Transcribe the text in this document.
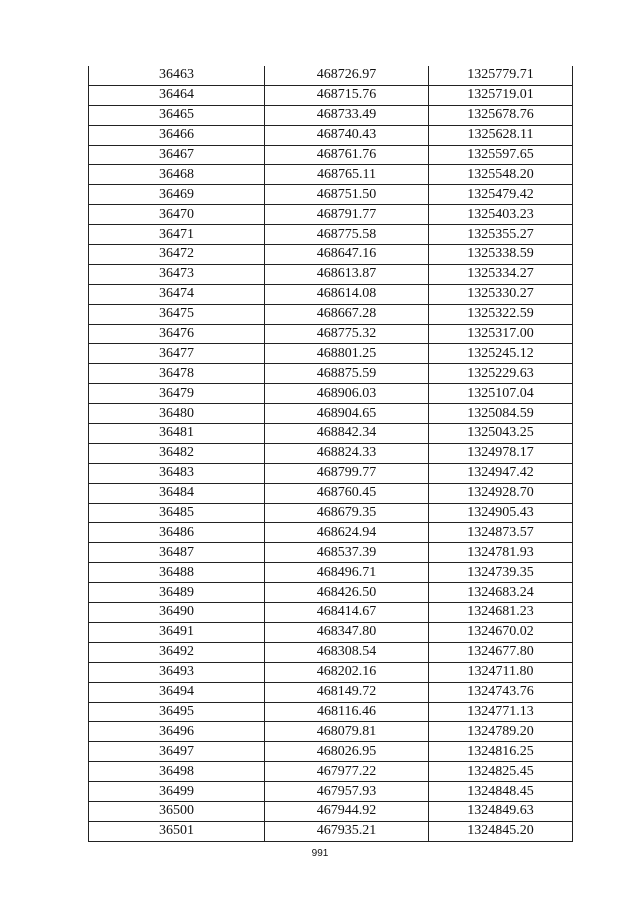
36463	468726.97	1325779.71
36464	468715.76	1325719.01
36465	468733.49	1325678.76
36466	468740.43	1325628.11
36467	468761.76	1325597.65
36468	468765.11	1325548.20
36469	468751.50	1325479.42
36470	468791.77	1325403.23
36471	468775.58	1325355.27
36472	468647.16	1325338.59
36473	468613.87	1325334.27
36474	468614.08	1325330.27
36475	468667.28	1325322.59
36476	468775.32	1325317.00
36477	468801.25	1325245.12
36478	468875.59	1325229.63
36479	468906.03	1325107.04
36480	468904.65	1325084.59
36481	468842.34	1325043.25
36482	468824.33	1324978.17
36483	468799.77	1324947.42
36484	468760.45	1324928.70
36485	468679.35	1324905.43
36486	468624.94	1324873.57
36487	468537.39	1324781.93
36488	468496.71	1324739.35
36489	468426.50	1324683.24
36490	468414.67	1324681.23
36491	468347.80	1324670.02
36492	468308.54	1324677.80
36493	468202.16	1324711.80
36494	468149.72	1324743.76
36495	468116.46	1324771.13
36496	468079.81	1324789.20
36497	468026.95	1324816.25
36498	467977.22	1324825.45
36499	467957.93	1324848.45
36500	467944.92	1324849.63
36501	467935.21	1324845.20
991
